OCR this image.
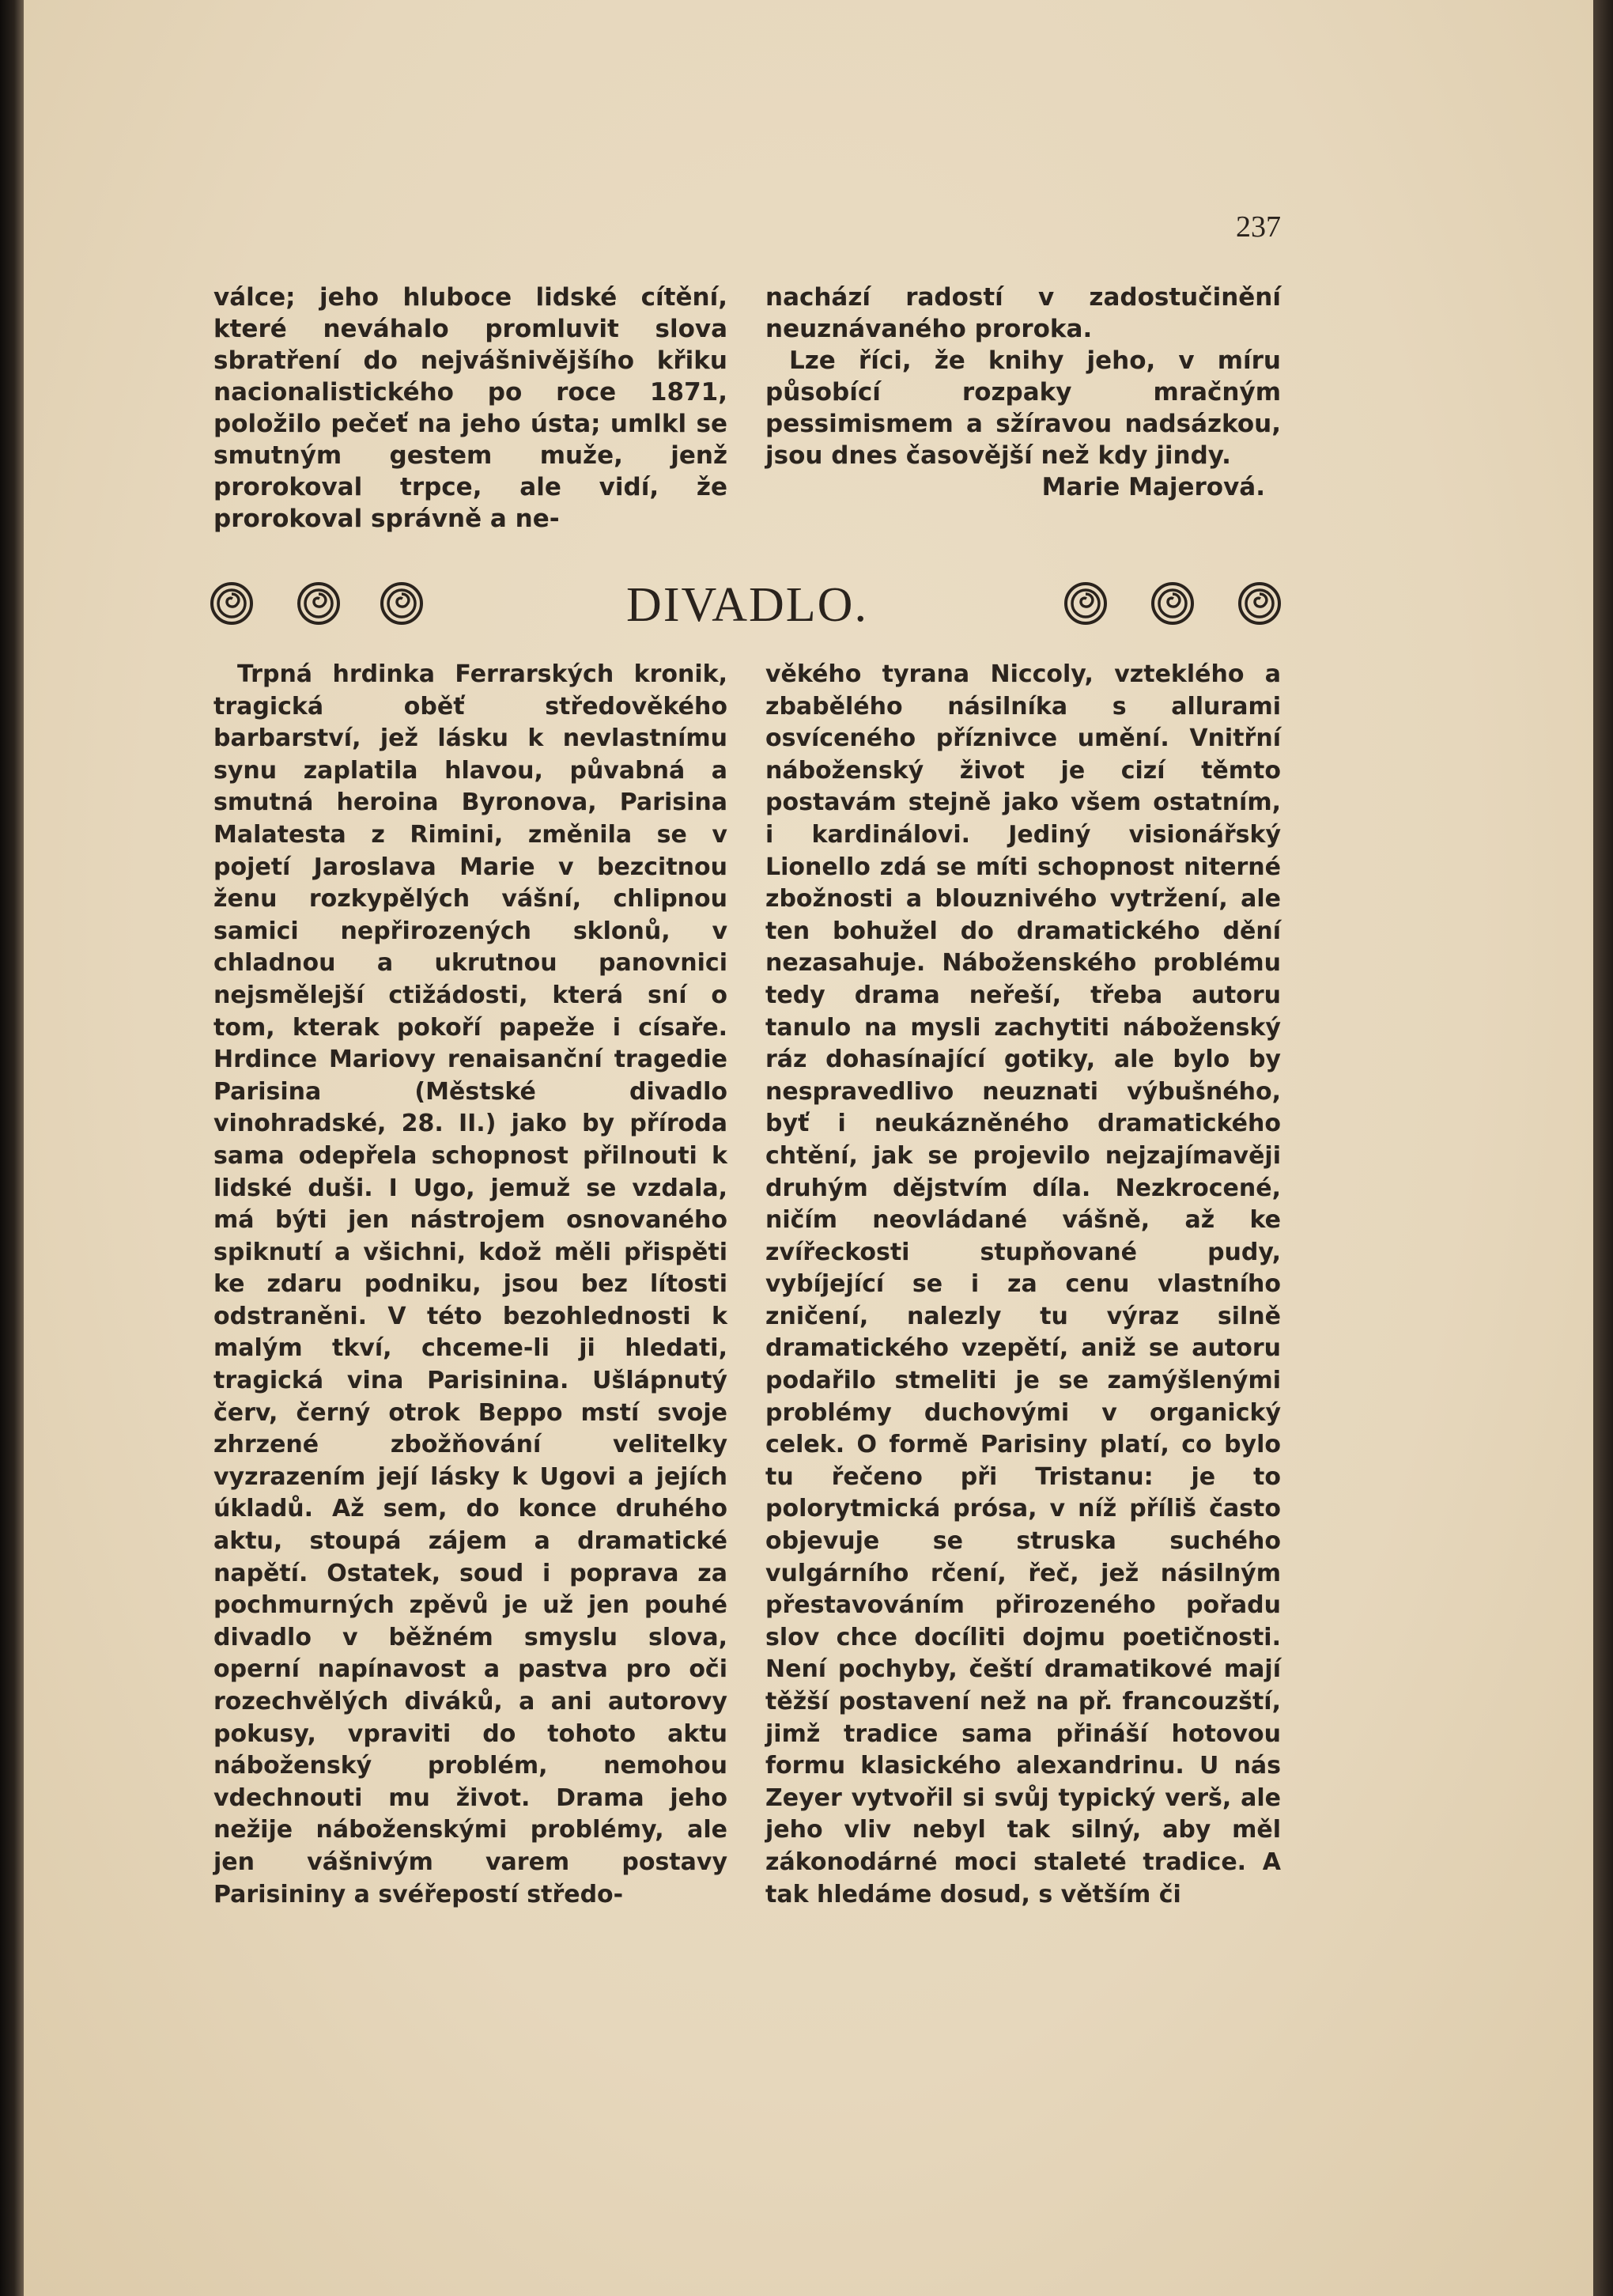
237

válce; jeho hluboce lidské cítění, které neváhalo promluvit slova sbratření do nejvášnivějšího křiku nacionalistického po roce 1871, položilo pečeť na jeho ústa; umlkl se smutným gestem muže, jenž prorokoval trpce, ale vidí, že prorokoval správně a ne-

nachází radostí v zadostučinění neuznávaného proroka.

Lze říci, že knihy jeho, v míru působící rozpaky mračným pessimismem a sžíravou nadsázkou, jsou dnes časovější než kdy jindy.

Marie Majerová.

DIVADLO.

Trpná hrdinka Ferrarských kronik, tragická oběť středověkého barbarství, jež lásku k nevlastnímu synu zaplatila hlavou, půvabná a smutná heroina Byronova, Parisina Malatesta z Rimini, změnila se v pojetí Jaroslava Marie v bezcitnou ženu rozkypělých vášní, chlipnou samici nepřirozených sklonů, v chladnou a ukrutnou panovnici nejsmělejší ctižádosti, která sní o tom, kterak pokoří papeže i císaře. Hrdince Mariovy renaisanční tragedie Parisina (Městské divadlo vinohradské, 28. II.) jako by příroda sama odepřela schopnost přilnouti k lidské duši. I Ugo, jemuž se vzdala, má býti jen nástrojem osnovaného spiknutí a všichni, kdož měli přispěti ke zdaru podniku, jsou bez lítosti odstraněni. V této bezohlednosti k malým tkví, chceme-li ji hledati, tragická vina Parisinina. Ušlápnutý červ, černý otrok Beppo mstí svoje zhrzené zbožňování velitelky vyzrazením její lásky k Ugovi a jejích úkladů. Až sem, do konce druhého aktu, stoupá zájem a dramatické napětí. Ostatek, soud i poprava za pochmurných zpěvů je už jen pouhé divadlo v běžném smyslu slova, operní napínavost a pastva pro oči rozechvělých diváků, a ani autorovy pokusy, vpraviti do tohoto aktu náboženský problém, nemohou vdechnouti mu život. Drama jeho nežije náboženskými problémy, ale jen vášnivým varem postavy Parisininy a svéřepostí středo-

věkého tyrana Niccoly, vzteklého a zbabělého násilníka s allurami osvíceného příznivce umění. Vnitřní náboženský život je cizí těmto postavám stejně jako všem ostatním, i kardinálovi. Jediný visionářský Lionello zdá se míti schopnost niterné zbožnosti a blouznivého vytržení, ale ten bohužel do dramatického dění nezasahuje. Náboženského problému tedy drama neřeší, třeba autoru tanulo na mysli zachytiti náboženský ráz dohasínající gotiky, ale bylo by nespravedlivo neuznati výbušného, byť i neukázněného dramatického chtění, jak se projevilo nejzajímavěji druhým dějstvím díla. Nezkrocené, ničím neovládané vášně, až ke zvířeckosti stupňované pudy, vybíjející se i za cenu vlastního zničení, nalezly tu výraz silně dramatického vzepětí, aniž se autoru podařilo stmeliti je se zamýšlenými problémy duchovými v organický celek. O formě Parisiny platí, co bylo tu řečeno při Tristanu: je to polorytmická prósa, v níž příliš často objevuje se struska suchého vulgárního rčení, řeč, jež násilným přestavováním přirozeného pořadu slov chce docíliti dojmu poetičnosti. Není pochyby, čeští dramatikové mají těžší postavení než na př. francouzští, jimž tradice sama přináší hotovou formu klasického alexandrinu. U nás Zeyer vytvořil si svůj typický verš, ale jeho vliv nebyl tak silný, aby měl zákonodárné moci staleté tradice. A tak hledáme dosud, s větším či
